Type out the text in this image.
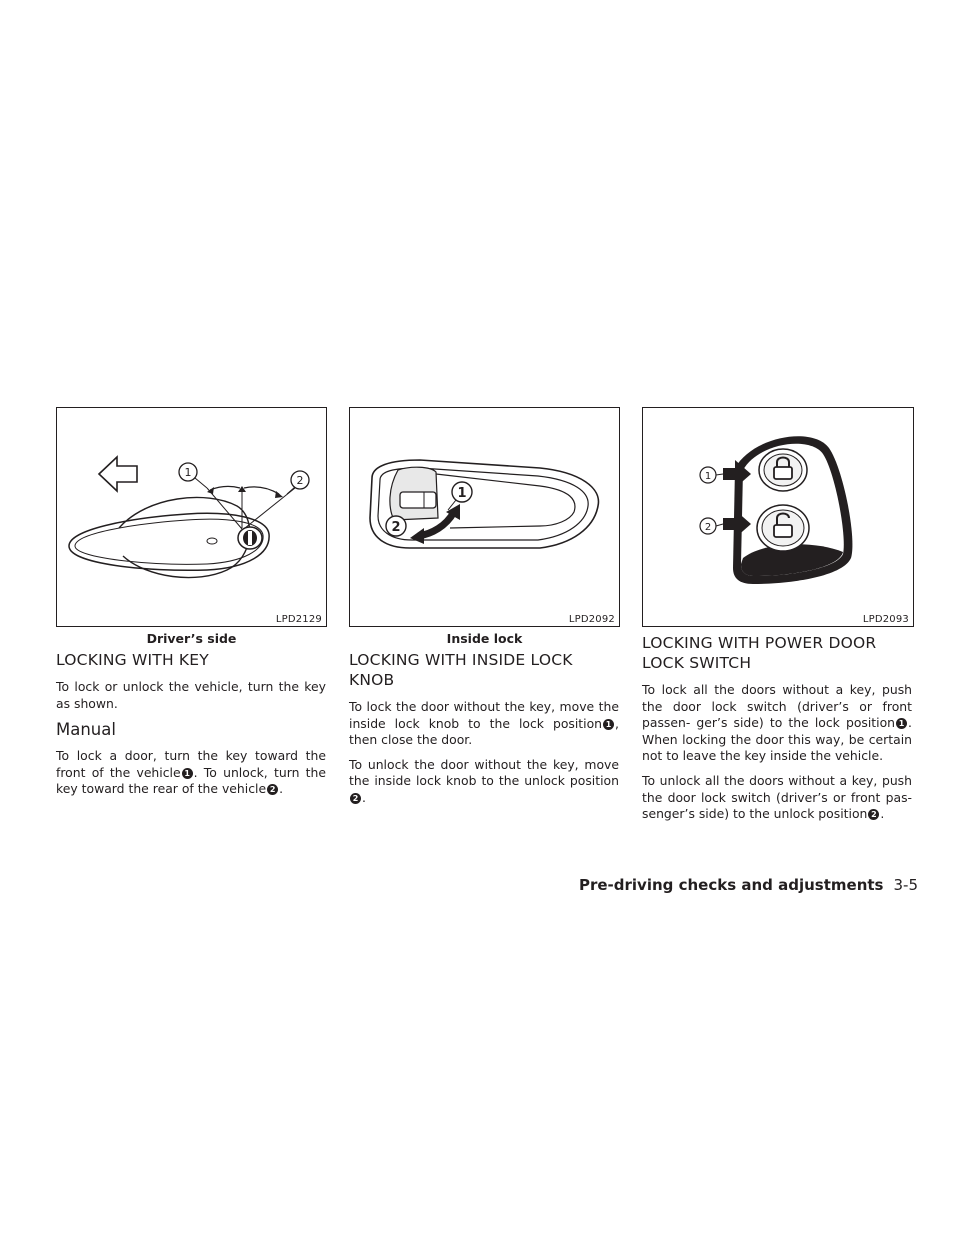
1
2
LPD2129
Driver’s side
1
2
LPD2092
Inside lock
1
2
LPD2093
LOCKING WITH KEY

To lock or unlock the vehicle, turn the key as shown.

Manual

To lock a door, turn the key toward the front of the vehicle 1 . To unlock, turn the key toward the rear of the vehicle 2 .

LOCKING WITH INSIDE LOCK KNOB

To lock the door without the key, move the inside lock knob to the lock position 1 , then close the door.

To unlock the door without the key, move the inside lock knob to the unlock position2 .

LOCKING WITH POWER DOOR LOCK SWITCH

To lock all the doors without a key, push the door lock switch (driver’s or front passen- ger’s side) to the lock position 1 . When locking the door this way, be certain not to leave the key inside the vehicle.

To unlock all the doors without a key, push the door lock switch (driver’s or front pas- senger’s side) to the unlock position 2 .

Pre-driving checks and adjustments 3-5
